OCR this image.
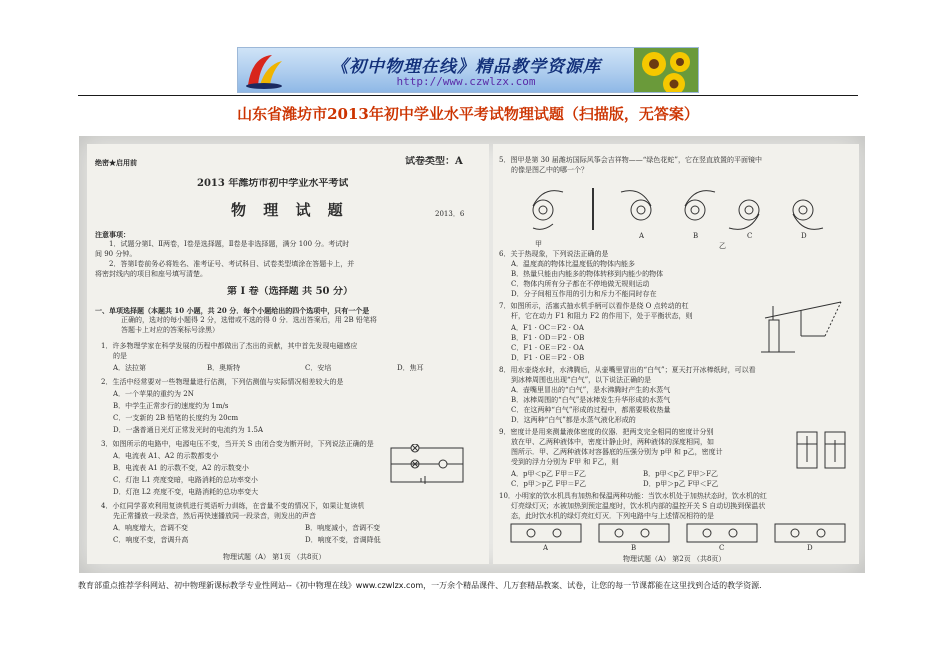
《初中物理在线》精品教学资源库
http://www.czwlzx.com
山东省潍坊市2013年初中学业水平考试物理试题（扫描版，无答案）
绝密★启用前	试卷类型：A
2013 年潍坊市初中学业水平考试
物 理 试 题	2013．6
注意事项：
1．试题分第Ⅰ、Ⅱ两卷，Ⅰ卷是选择题，Ⅱ卷是非选择题，满分 100 分。考试时
间 90 分钟。
2．答第Ⅰ卷前务必将姓名、准考证号、考试科目、试卷类型填涂在答题卡上，并
将密封线内的项目和座号填写清楚。
第 Ⅰ 卷（选择题 共 50 分）
一、单项选择题（本题共 10 小题，共 20 分．每个小题给出的四个选项中，只有一个是
正确的，选对的每小题得 2 分，选错或不选的得 0 分．选出答案后，用 2B 铅笔将
答题卡上对应的答案标号涂黑）
1．许多物理学家在科学发展的历程中都做出了杰出的贡献，其中首先发现电磁感应
的是
A．法拉第	B．奥斯特	C．安培	D．焦耳
2．生活中经常要对一些物理量进行估测，下列估测值与实际情况相差较大的是
A．一个苹果的重约为 2N
B．中学生正常步行的速度约为 1m/s
C．一支新的 2B 铅笔的长度约为 20cm
D．一盏普通日光灯正常发光时的电流约为 1.5A
3．如图所示的电路中，电源电压不变，当开关 S 由闭合变为断开时，下列说法正确的是
A．电流表 A1、A2 的示数都变小
B．电流表 A1 的示数不变，A2 的示数变小
C．灯泡 L1 亮度变暗，电路消耗的总功率变小
D．灯泡 L2 亮度不变，电路消耗的总功率变大
4．小红同学喜欢利用复读机进行英语听力训练，在音量不变的情况下，如果让复读机
先正常播放一段录音，然后再快速播放同一段录音，则发出的声音
A．响度增大，音调不变	B．响度减小，音调不变
C．响度不变，音调升高	D．响度不变，音调降低
物理试题（A） 第1页 （共8页）
5．图甲是第 30 届潍坊国际风筝会吉祥物——“绿色花蛇”，它在竖直放置的平面镜中
的像是图乙中的哪一个？
甲
A	B	C	D
乙
6．关于热现象，下列说法正确的是
A．温度高的物体比温度低的物体内能多
B．热量只能由内能多的物体转移到内能少的物体
C．物体内所有分子都在不停地做无规则运动
D．分子间相互作用的引力和斥力不能同时存在
7．如图所示，活塞式抽水机手柄可以看作是绕 O 点转动的杠
杆，它在动力 F1 和阻力 F2 的作用下，处于平衡状态，则
A．F1 · OC＝F2 · OA
B．F1 · OD＝F2 · OB
C．F1 · OE＝F2 · OA
D．F1 · OE＝F2 · OB
8．用水壶烧水时，水沸腾后，从壶嘴里冒出的“白气”；夏天打开冰棒纸时，可以看
到冰棒周围也出现“白气”，以下说法正确的是
A．壶嘴里冒出的“白气”，是水沸腾时产生的水蒸气
B．冰棒周围的“白气”是冰棒发生升华形成的水蒸气
C．在这两种“白气”形成的过程中，都需要吸收热量
D．这两种“白气”都是水蒸气液化形成的
9．密度计是用来测量液体密度的仪器．把两支完全相同的密度计分别
放在甲、乙两种液体中，密度计静止时，两种液体的深度相同，如
图所示．甲、乙两种液体对容器底的压强分别为 p甲 和 p乙，密度计
受到的浮力分别为 F甲 和 F乙，则
A．p甲＜p乙 F甲＝F乙	B．p甲＜p乙 F甲＞F乙
C．p甲＞p乙 F甲＝F乙	D．p甲＞p乙 F甲＜F乙
10．小明家的饮水机具有加热和保温两种功能：当饮水机处于加热状态时，饮水机的红
灯亮绿灯灭；水被加热到预定温度时，饮水机内部的温控开关 S 自动切换到保温状
态，此时饮水机的绿灯亮红灯灭．下列电路中与上述情况相符的是
A	B	C	D
物理试题（A） 第2页 （共8页）
教育部重点推荐学科网站、初中物理新课标教学专业性网站--《初中物理在线》www.czwlzx.com，一万余个精品课件、几万套精品教案、试卷，让您的每一节课都能在这里找到合适的教学资源．
